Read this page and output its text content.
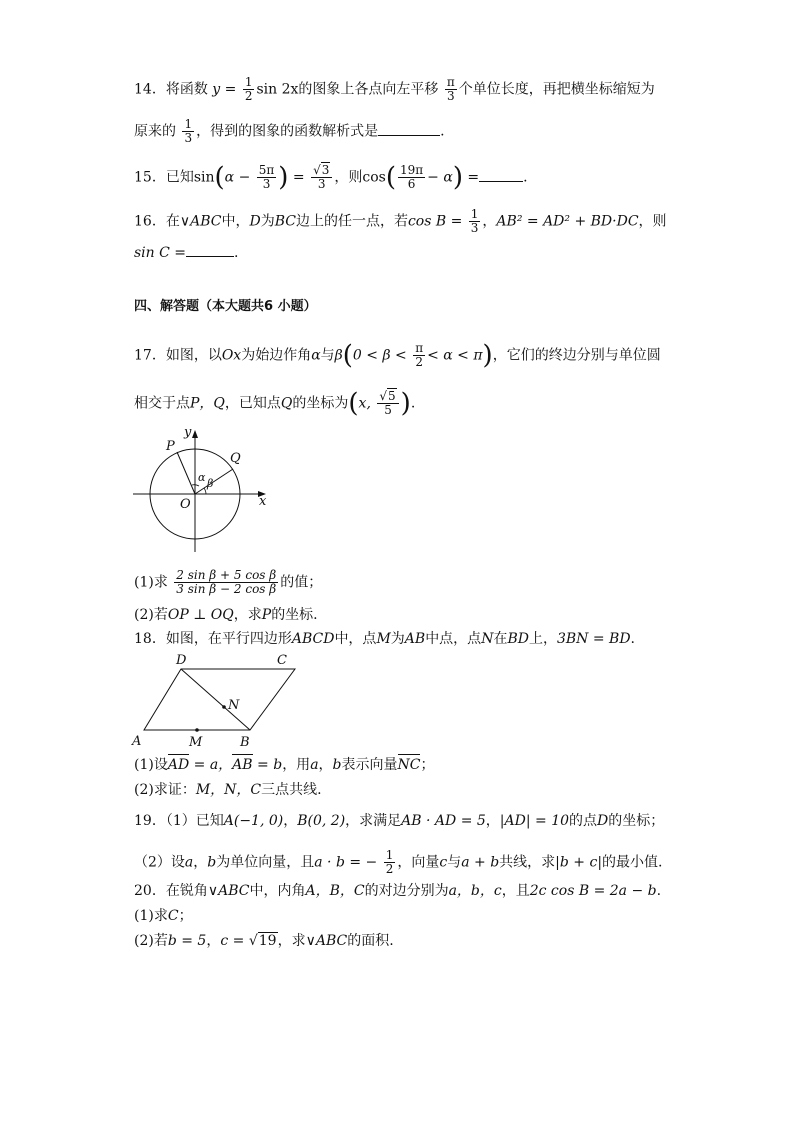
14．将函数 $y = \frac{1}{2}$ sin 2x的图象上各点向左平移 $\frac{\pi}{3}$ 个单位长度，再把横坐标缩短为
原来的 $\frac{1}{3}$ ，得到的图象的函数解析式是	.
15．已知$\sin(\alpha - \frac{5\pi}{3}$ ) = $\frac{√3}{3}$ ，则$\cos( \frac{19\pi}{6} - \alpha)$ =	.
16．在∨ABC中，D为BC边上的任一点，若$\cos B = \frac{1}{3}$ ，AB² = AD² + BD·DC，则
sin C =	.
四、解答题（本大题共6 小题）
17．如图，以Ox为始边作角α与$\beta(0 < \beta < \frac{\pi}{2} < \alpha < \pi)$，它们的终边分别与单位圆
相交于点P，Q，已知点Q的坐标为(x, $\frac{√5}{5}$ ).
y
P
Q
α β
O	x
(1)求 $\frac{\text{2 sin β + 5 cos β}}{\text{3 sin β − 2 cos β}}$ 的值；
(2)若OP ⊥ OQ，求P的坐标.
18．如图，在平行四边形ABCD中，点M为AB中点，点N在BD上，3BN = BD.
D	C
N
A	M	B
(1)设AD = a，AB = b，用a，b表示向量NC；
(2)求证：M，N，C三点共线.
19．（1）已知A(−1, 0)，B(0, 2)，求满足AB · AD = 5，|AD| = 10的点D的坐标；
（2）设a，b为单位向量，且a · b = − $\frac{1}{2}$ ，向量c与a + b共线，求|b + c|的最小值.
20．在锐角∨ABC中，内角A，B，C的对边分别为a，b，c，且2c cos B = 2a − b.
(1)求C；
(2)若b = 5，c = √19，求∨ABC的面积.
